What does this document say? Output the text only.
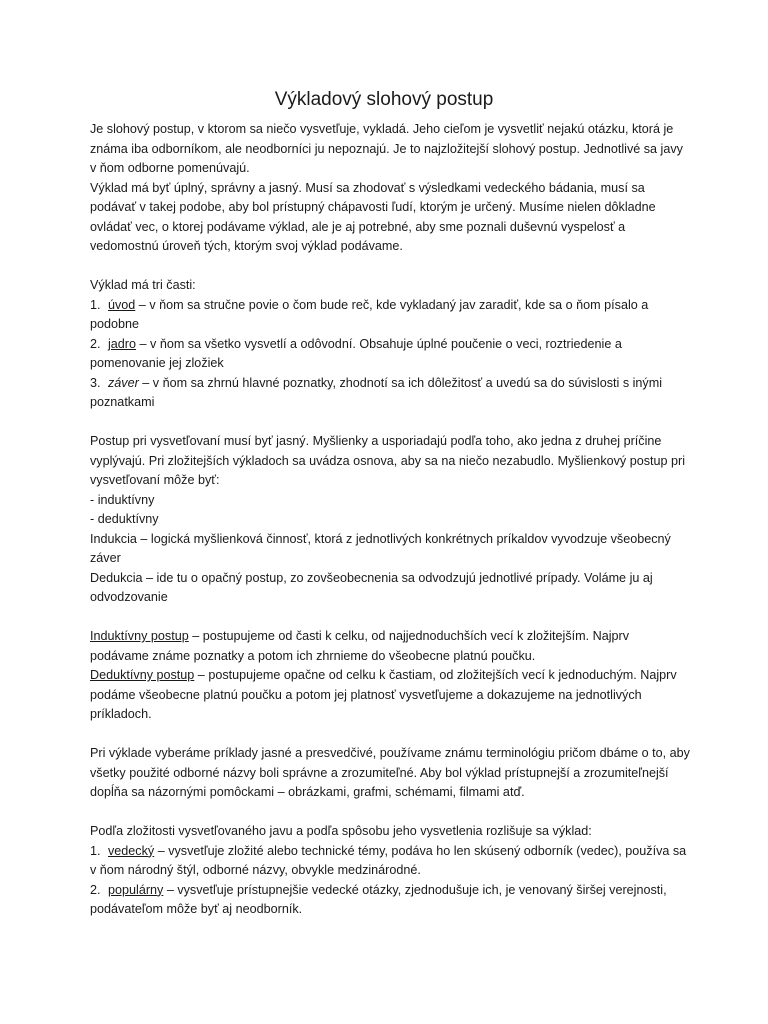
Výkladový slohový postup

Je slohový postup, v ktorom sa niečo vysvetľuje, vykladá. Jeho cieľom je vysvetliť nejakú otázku, ktorá je známa iba odborníkom, ale neodborníci ju nepoznajú. Je to najzložitejší slohový postup. Jednotlivé sa javy v ňom odborne pomenúvajú.

Výklad má byť úplný, správny a jasný. Musí sa zhodovať s výsledkami vedeckého bádania, musí sa podávať v takej podobe, aby bol prístupný chápavosti ľudí, ktorým je určený. Musíme nielen dôkladne ovládať vec, o ktorej podávame výklad, ale je aj potrebné, aby sme poznali duševnú vyspelosť a vedomostnú úroveň tých, ktorým svoj výklad podávame.

Výklad má tri časti:

1. úvod – v ňom sa stručne povie o čom bude reč, kde vykladaný jav zaradiť, kde sa o ňom písalo a podobne

2. jadro – v ňom sa všetko vysvetlí a odôvodní. Obsahuje úplné poučenie o veci, roztriedenie a pomenovanie jej zložiek

3. záver – v ňom sa zhrnú hlavné poznatky, zhodnotí sa ich dôležitosť a uvedú sa do súvislosti s inými poznatkami

Postup pri vysvetľovaní musí byť jasný. Myšlienky a usporiadajú podľa toho, ako jedna z druhej príčine vyplývajú. Pri zložitejších výkladoch sa uvádza osnova, aby sa na niečo nezabudlo. Myšlienkový postup pri vysvetľovaní môže byť:

- induktívny

- deduktívny

Indukcia – logická myšlienková činnosť, ktorá z jednotlivých konkrétnych príkaldov vyvodzuje všeobecný záver

Dedukcia – ide tu o opačný postup, zo zovšeobecnenia sa odvodzujú jednotlivé prípady. Voláme ju aj odvodzovanie

Induktívny postup – postupujeme od časti k celku, od najjednoduchších vecí k zložitejším. Najprv podávame známe poznatky a potom ich zhrnieme do všeobecne platnú poučku.

Deduktívny postup – postupujeme opačne od celku k častiam, od zložitejších vecí k jednoduchým. Najprv podáme všeobecne platnú poučku a potom jej platnosť vysvetľujeme a dokazujeme na jednotlivých príkladoch.

Pri výklade vyberáme príklady jasné a presvedčivé, používame známu terminológiu pričom dbáme o to, aby všetky použité odborné názvy boli správne a zrozumiteľné. Aby bol výklad prístupnejší a zrozumiteľnejší dopĺňa sa názornými pomôckami – obrázkami, grafmi, schémami, filmami atď.

Podľa zložitosti vysvetľovaného javu a podľa spôsobu jeho vysvetlenia rozlišuje sa výklad:

1. vedecký – vysvetľuje zložité alebo technické témy, podáva ho len skúsený odborník (vedec), používa sa v ňom národný štýl, odborné názvy, obvykle medzinárodné.

2. populárny – vysvetľuje prístupnejšie vedecké otázky, zjednodušuje ich, je venovaný širšej verejnosti, podávateľom môže byť aj neodborník.
